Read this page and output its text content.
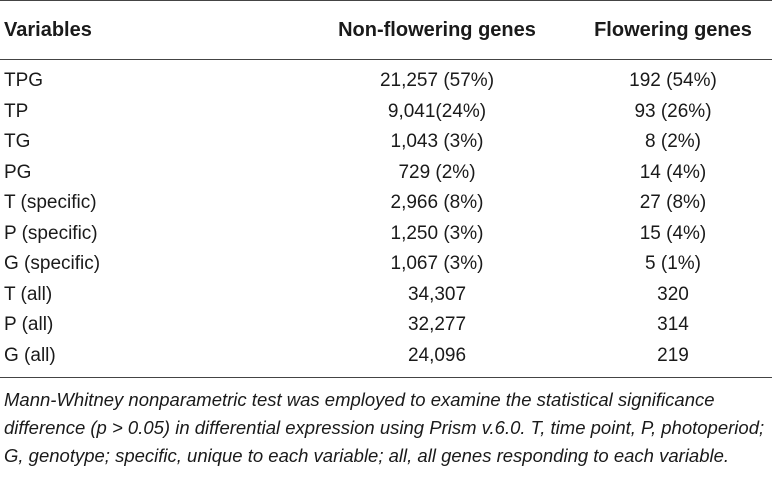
Variables	Non-flowering genes	Flowering genes
TPG	21,257 (57%)	192 (54%)
TP	9,041(24%)	93 (26%)
TG	1,043 (3%)	8 (2%)
PG	729 (2%)	14 (4%)
T (specific)	2,966 (8%)	27 (8%)
P (specific)	1,250 (3%)	15 (4%)
G (specific)	1,067 (3%)	5 (1%)
T (all)	34,307	320
P (all)	32,277	314
G (all)	24,096	219

Mann-Whitney nonparametric test was employed to examine the statistical significance difference (p > 0.05) in differential expression using Prism v.6.0. T, time point, P, photoperiod; G, genotype; specific, unique to each variable; all, all genes responding to each variable.
